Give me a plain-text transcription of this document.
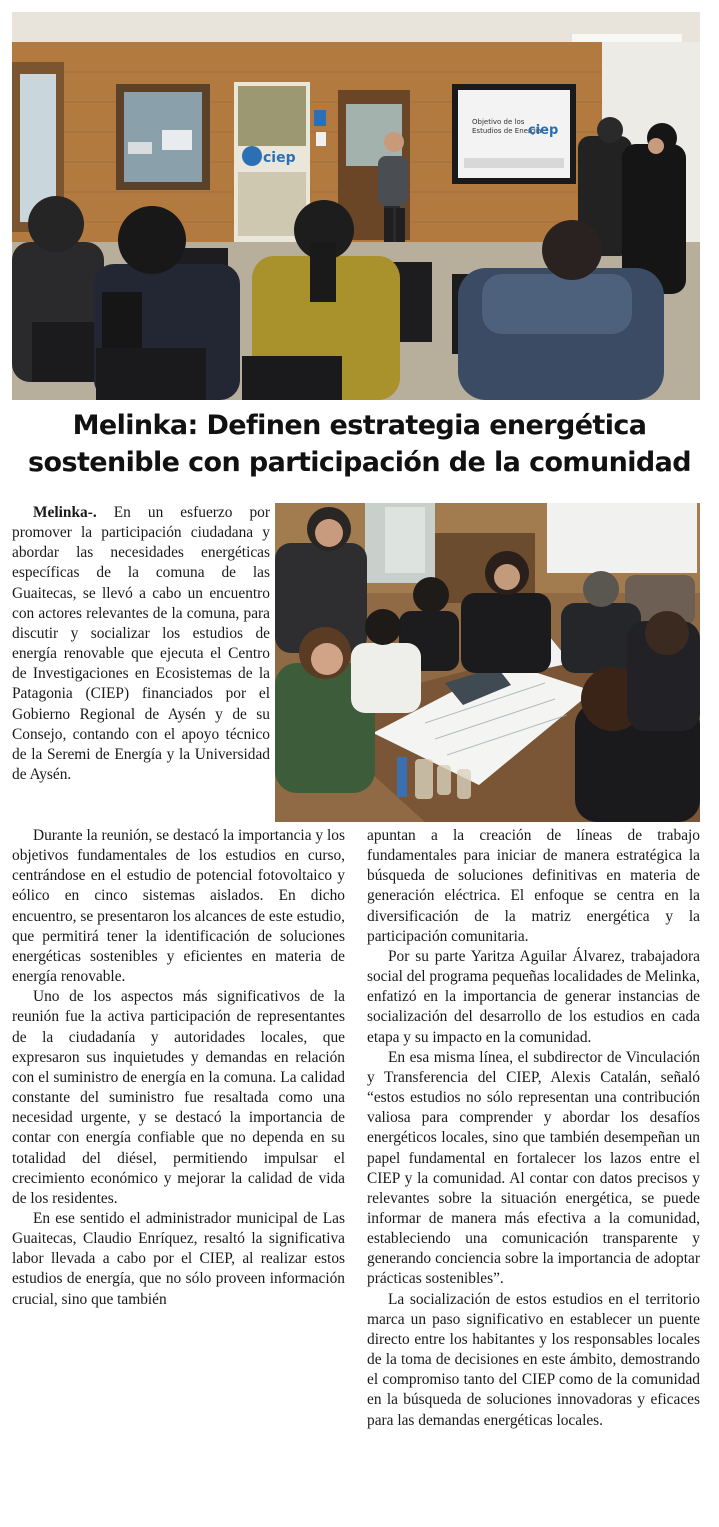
ciep
Objetivo de los
Estudios de Energía
ciep
Melinka: Definen estrategia energética
sostenible con participación de la comunidad

Melinka-. En un esfuerzo por promover la participación ciudadana y abordar las necesidades energéticas específicas de la comuna de las Guaitecas, se llevó a cabo un encuentro con actores relevantes de la comuna, para discutir y socializar los estudios de energía renovable que ejecuta el Centro de Investigaciones en Ecosistemas de la Patagonia (CIEP) financiados por el Gobierno Regional de Aysén y de su Consejo, contando con el apoyo técnico de la Seremi de Energía y la Universidad de Aysén.

Durante la reunión, se destacó la importancia y los objetivos fundamentales de los estudios en curso, centrándose en el estudio de potencial fotovoltaico y eólico en cinco sistemas aislados. En dicho encuentro, se presentaron los alcances de este estudio, que permitirá tener la identificación de soluciones energéticas sostenibles y eficientes en materia de energía renovable.

Uno de los aspectos más significativos de la reunión fue la activa participación de representantes de la ciudadanía y autoridades locales, que expresaron sus inquietudes y demandas en relación con el suministro de energía en la comuna. La calidad constante del suministro fue resaltada como una necesidad urgente, y se destacó la importancia de contar con energía confiable que no dependa en su totalidad del diésel, permitiendo impulsar el crecimiento económico y mejorar la calidad de vida de los residentes.

En ese sentido el administrador municipal de Las Guaitecas, Claudio Enríquez, resaltó la significativa labor llevada a cabo por el CIEP, al realizar estos estudios de energía, que no sólo proveen información crucial, sino que también

apuntan a la creación de líneas de trabajo fundamentales para iniciar de manera estratégica la búsqueda de soluciones definitivas en materia de generación eléctrica. El enfoque se centra en la diversificación de la matriz energética y la participación comunitaria.

Por su parte Yaritza Aguilar Álvarez, trabajadora social del programa pequeñas localidades de Melinka, enfatizó en la importancia de generar instancias de socialización del desarrollo de los estudios en cada etapa y su impacto en la comunidad.

En esa misma línea, el subdirector de Vinculación y Transferencia del CIEP, Alexis Catalán, señaló “estos estudios no sólo representan una contribución valiosa para comprender y abordar los desafíos energéticos locales, sino que también desempeñan un papel fundamental en fortalecer los lazos entre el CIEP y la comunidad. Al contar con datos precisos y relevantes sobre la situación energética, se puede informar de manera más efectiva a la comunidad, estableciendo una comunicación transparente y generando conciencia sobre la importancia de adoptar prácticas sostenibles”.

La socialización de estos estudios en el territorio marca un paso significativo en establecer un puente directo entre los habitantes y los responsables locales de la toma de decisiones en este ámbito, demostrando el compromiso tanto del CIEP como de la comunidad en la búsqueda de soluciones innovadoras y eficaces para las demandas energéticas locales.
